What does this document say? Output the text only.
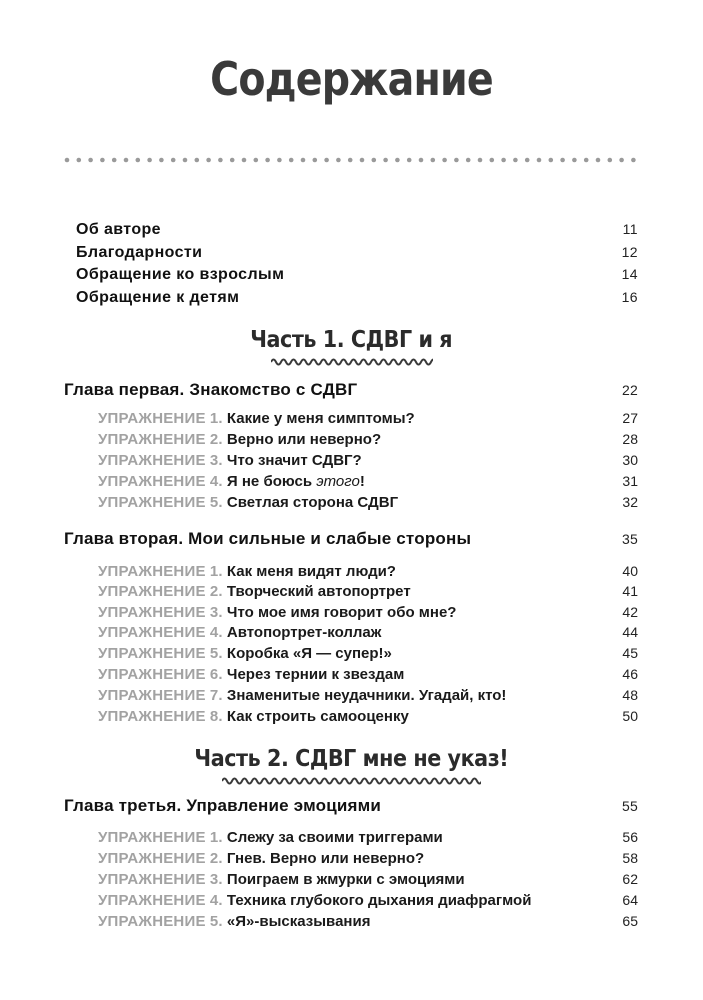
Содержание
Об авторе	11
Благодарности	12
Обращение ко взрослым	14
Обращение к детям	16
Часть 1. СДВГ и я
Глава первая. Знакомство с СДВГ	22
УПРАЖНЕНИЕ 1. Какие у меня симптомы?	27
УПРАЖНЕНИЕ 2. Верно или неверно?	28
УПРАЖНЕНИЕ 3. Что значит СДВГ?	30
УПРАЖНЕНИЕ 4. Я не боюсь этого!	31
УПРАЖНЕНИЕ 5. Светлая сторона СДВГ	32
Глава вторая. Мои сильные и слабые стороны	35
УПРАЖНЕНИЕ 1. Как меня видят люди?	40
УПРАЖНЕНИЕ 2. Творческий автопортрет	41
УПРАЖНЕНИЕ 3. Что мое имя говорит обо мне?	42
УПРАЖНЕНИЕ 4. Автопортрет-коллаж	44
УПРАЖНЕНИЕ 5. Коробка «Я — супер!»	45
УПРАЖНЕНИЕ 6. Через тернии к звездам	46
УПРАЖНЕНИЕ 7. Знаменитые неудачники. Угадай, кто!	48
УПРАЖНЕНИЕ 8. Как строить самооценку	50
Часть 2. СДВГ мне не указ!
Глава третья. Управление эмоциями	55
УПРАЖНЕНИЕ 1. Слежу за своими триггерами	56
УПРАЖНЕНИЕ 2. Гнев. Верно или неверно?	58
УПРАЖНЕНИЕ 3. Поиграем в жмурки с эмоциями	62
УПРАЖНЕНИЕ 4. Техника глубокого дыхания диафрагмой	64
УПРАЖНЕНИЕ 5. «Я»-высказывания	65
